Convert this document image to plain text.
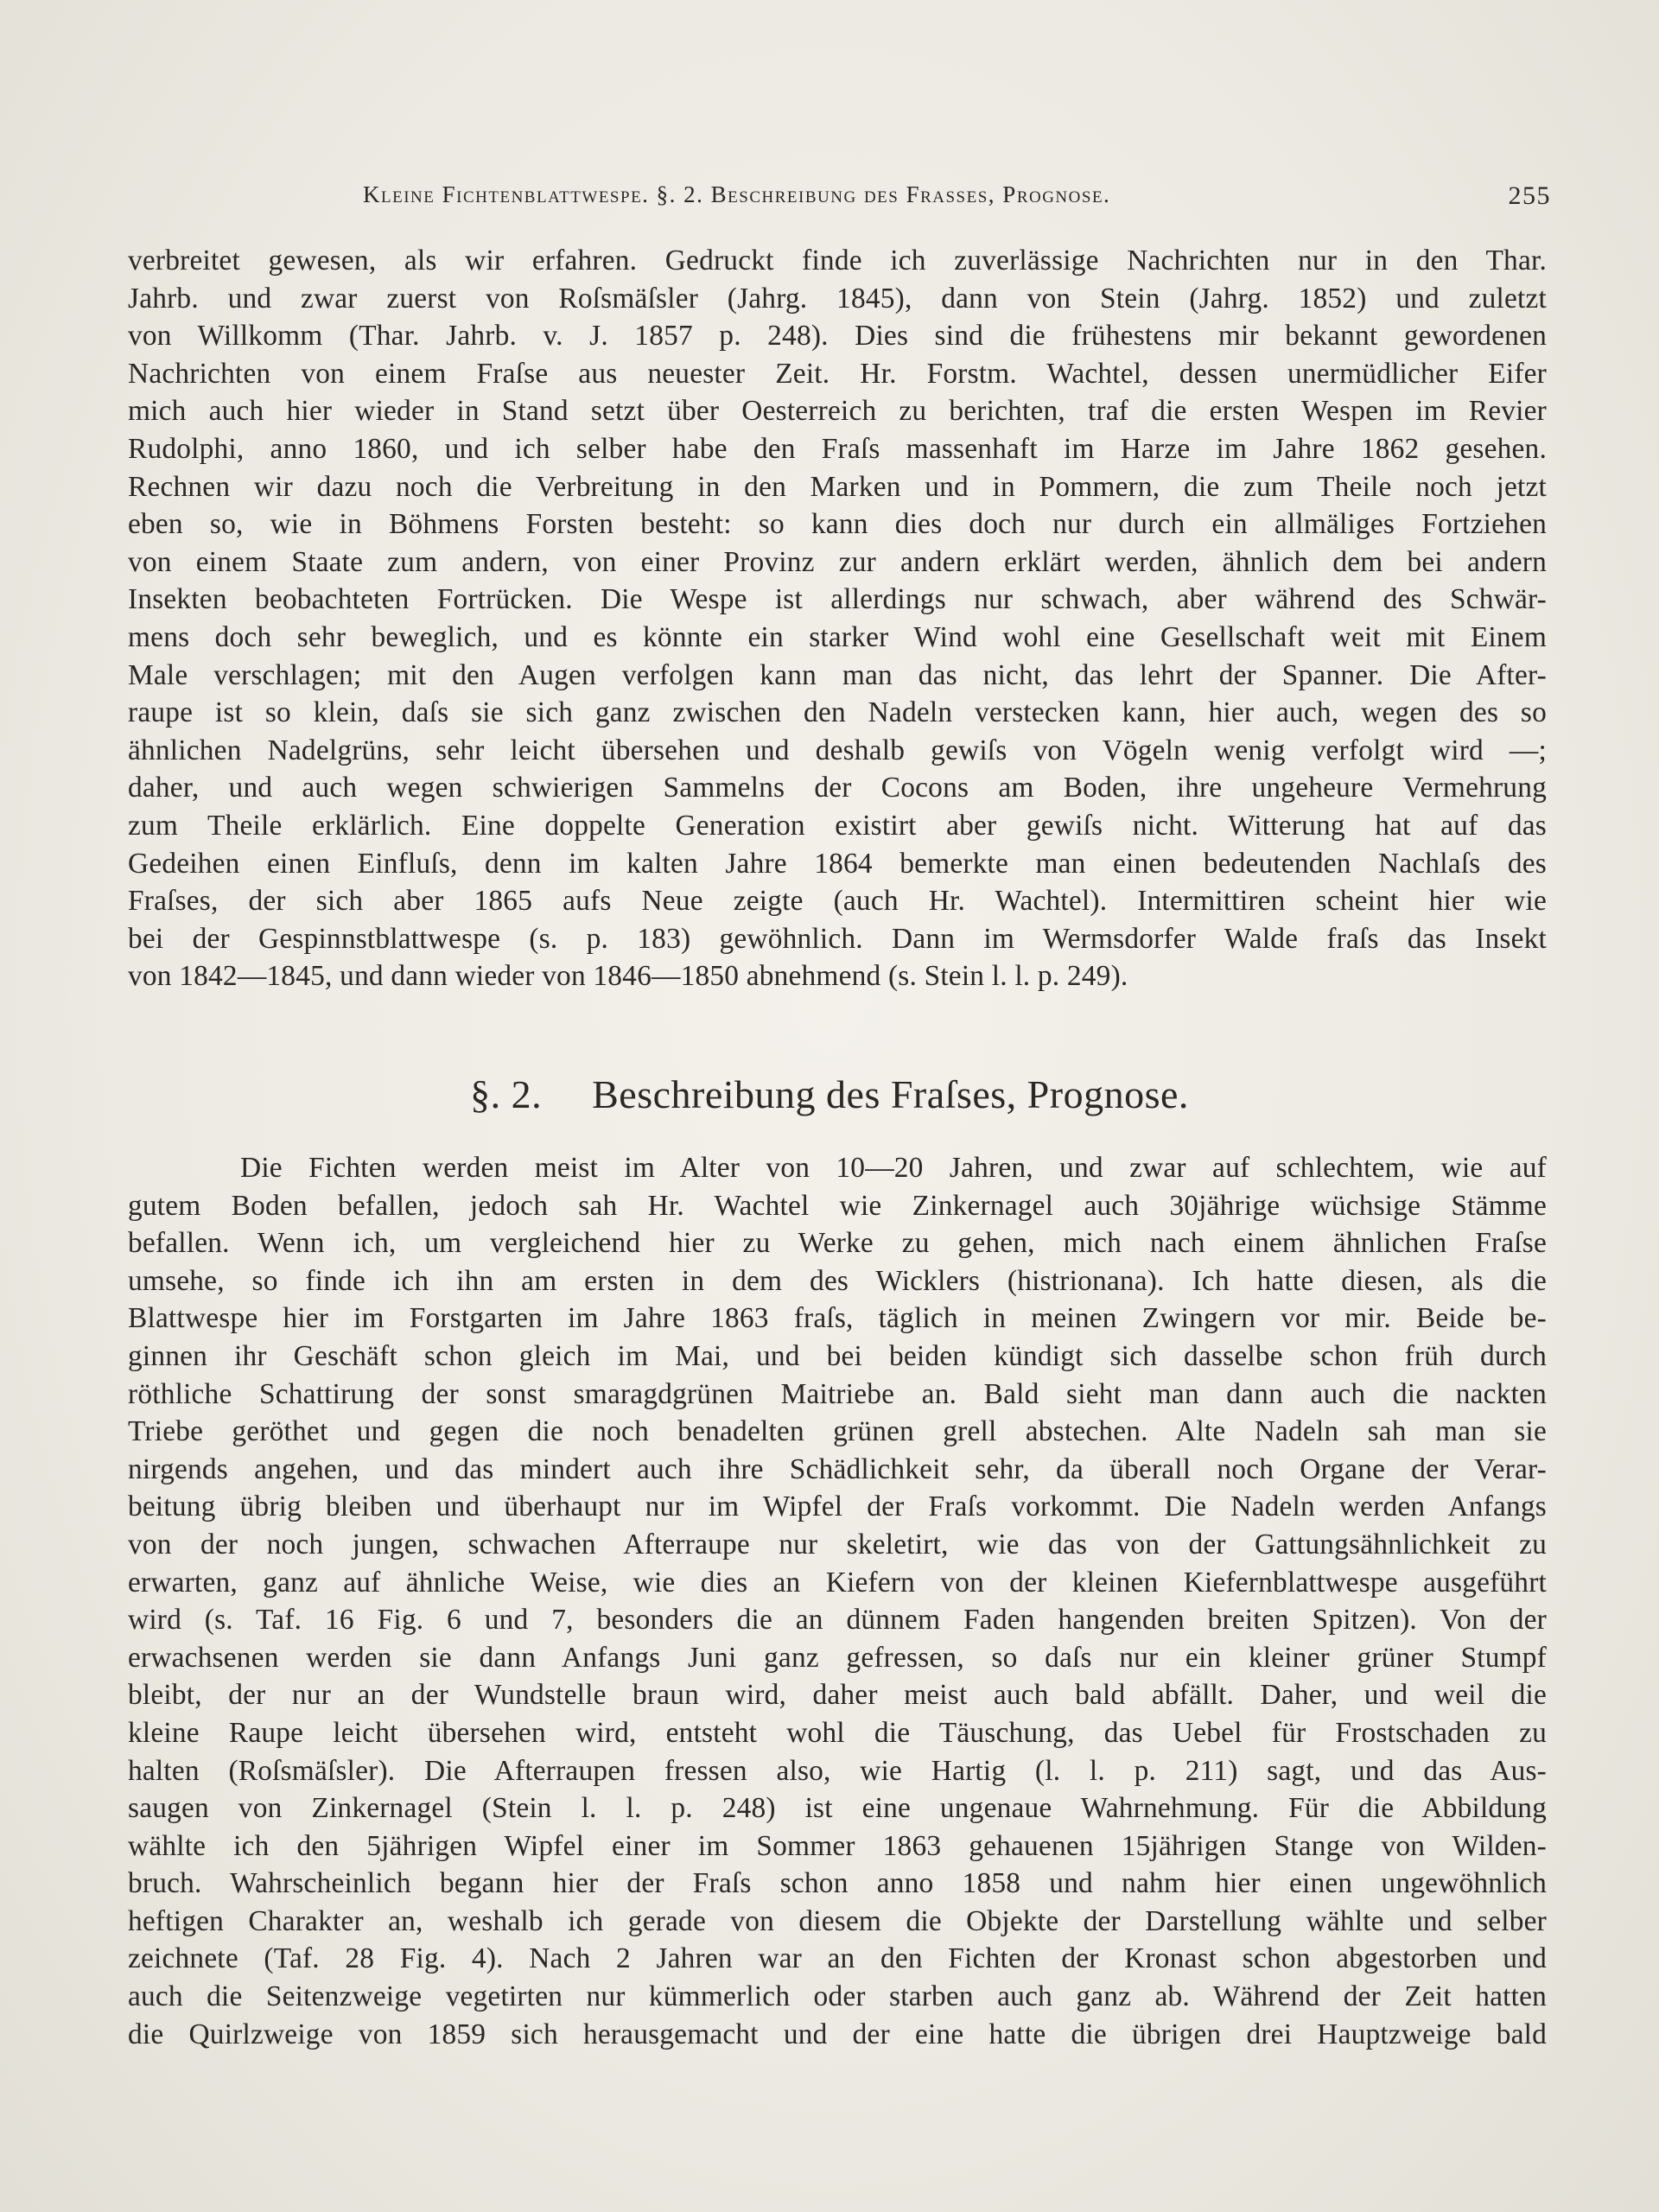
Kleine Fichtenblattwespe. §. 2. Beschreibung des Frasses, Prognose.	255
verbreitet gewesen, als wir erfahren. Gedruckt finde ich zuverlässige Nachrichten nur in den Thar.
Jahrb. und zwar zuerst von Roſsmäſsler (Jahrg. 1845), dann von Stein (Jahrg. 1852) und zuletzt
von Willkomm (Thar. Jahrb. v. J. 1857 p. 248). Dies sind die frühestens mir bekannt gewordenen
Nachrichten von einem Fraſse aus neuester Zeit. Hr. Forstm. Wachtel, dessen unermüdlicher Eifer
mich auch hier wieder in Stand setzt über Oesterreich zu berichten, traf die ersten Wespen im Revier
Rudolphi, anno 1860, und ich selber habe den Fraſs massenhaft im Harze im Jahre 1862 gesehen.
Rechnen wir dazu noch die Verbreitung in den Marken und in Pommern, die zum Theile noch jetzt
eben so, wie in Böhmens Forsten besteht: so kann dies doch nur durch ein allmäliges Fortziehen
von einem Staate zum andern, von einer Provinz zur andern erklärt werden, ähnlich dem bei andern
Insekten beobachteten Fortrücken. Die Wespe ist allerdings nur schwach, aber während des Schwär-
mens doch sehr beweglich, und es könnte ein starker Wind wohl eine Gesellschaft weit mit Einem
Male verschlagen; mit den Augen verfolgen kann man das nicht, das lehrt der Spanner. Die After-
raupe ist so klein, daſs sie sich ganz zwischen den Nadeln verstecken kann, hier auch, wegen des so
ähnlichen Nadelgrüns, sehr leicht übersehen und deshalb gewiſs von Vögeln wenig verfolgt wird —;
daher, und auch wegen schwierigen Sammelns der Cocons am Boden, ihre ungeheure Vermehrung
zum Theile erklärlich. Eine doppelte Generation existirt aber gewiſs nicht. Witterung hat auf das
Gedeihen einen Einfluſs, denn im kalten Jahre 1864 bemerkte man einen bedeutenden Nachlaſs des
Fraſses, der sich aber 1865 aufs Neue zeigte (auch Hr. Wachtel). Intermittiren scheint hier wie
bei der Gespinnstblattwespe (s. p. 183) gewöhnlich. Dann im Wermsdorfer Walde fraſs das Insekt
von 1842—1845, und dann wieder von 1846—1850 abnehmend (s. Stein l. l. p. 249).
§. 2. Beschreibung des Fraſses, Prognose.
Die Fichten werden meist im Alter von 10—20 Jahren, und zwar auf schlechtem, wie auf
gutem Boden befallen, jedoch sah Hr. Wachtel wie Zinkernagel auch 30jährige wüchsige Stämme
befallen. Wenn ich, um vergleichend hier zu Werke zu gehen, mich nach einem ähnlichen Fraſse
umsehe, so finde ich ihn am ersten in dem des Wicklers (histrionana). Ich hatte diesen, als die
Blattwespe hier im Forstgarten im Jahre 1863 fraſs, täglich in meinen Zwingern vor mir. Beide be-
ginnen ihr Geschäft schon gleich im Mai, und bei beiden kündigt sich dasselbe schon früh durch
röthliche Schattirung der sonst smaragdgrünen Maitriebe an. Bald sieht man dann auch die nackten
Triebe geröthet und gegen die noch benadelten grünen grell abstechen. Alte Nadeln sah man sie
nirgends angehen, und das mindert auch ihre Schädlichkeit sehr, da überall noch Organe der Verar-
beitung übrig bleiben und überhaupt nur im Wipfel der Fraſs vorkommt. Die Nadeln werden Anfangs
von der noch jungen, schwachen Afterraupe nur skeletirt, wie das von der Gattungsähnlichkeit zu
erwarten, ganz auf ähnliche Weise, wie dies an Kiefern von der kleinen Kiefernblattwespe ausgeführt
wird (s. Taf. 16 Fig. 6 und 7, besonders die an dünnem Faden hangenden breiten Spitzen). Von der
erwachsenen werden sie dann Anfangs Juni ganz gefressen, so daſs nur ein kleiner grüner Stumpf
bleibt, der nur an der Wundstelle braun wird, daher meist auch bald abfällt. Daher, und weil die
kleine Raupe leicht übersehen wird, entsteht wohl die Täuschung, das Uebel für Frostschaden zu
halten (Roſsmäſsler). Die Afterraupen fressen also, wie Hartig (l. l. p. 211) sagt, und das Aus-
saugen von Zinkernagel (Stein l. l. p. 248) ist eine ungenaue Wahrnehmung. Für die Abbildung
wählte ich den 5jährigen Wipfel einer im Sommer 1863 gehauenen 15jährigen Stange von Wilden-
bruch. Wahrscheinlich begann hier der Fraſs schon anno 1858 und nahm hier einen ungewöhnlich
heftigen Charakter an, weshalb ich gerade von diesem die Objekte der Darstellung wählte und selber
zeichnete (Taf. 28 Fig. 4). Nach 2 Jahren war an den Fichten der Kronast schon abgestorben und
auch die Seitenzweige vegetirten nur kümmerlich oder starben auch ganz ab. Während der Zeit hatten
die Quirlzweige von 1859 sich herausgemacht und der eine hatte die übrigen drei Hauptzweige bald
